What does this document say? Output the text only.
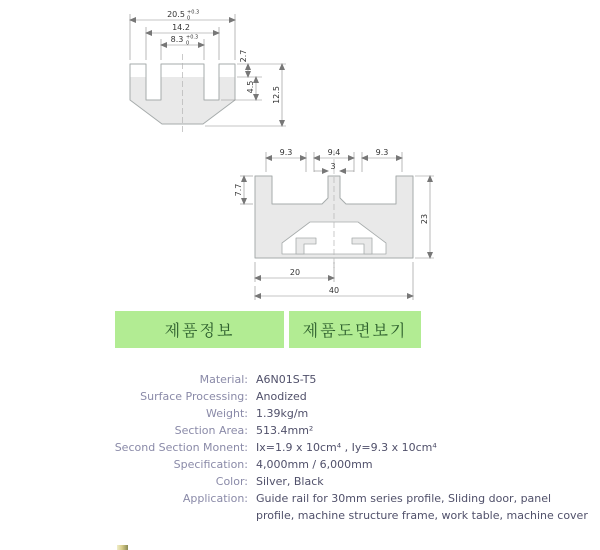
20.5 +0.3
0
14.2
8.3 +0.3
0
2.7
4.5 12.5
9.3	9.4	9.3
3
7.7
23
20
40
제품정보	제품도면보기
Material: A6N01S-T5
Surface Processing: Anodized
Weight: 1.39kg/m
Section Area: 513.4mm²
Second Section Monent: Ix=1.9 x 10cm⁴ , Iy=9.3 x 10cm⁴
Specification: 4,000mm / 6,000mm
Color: Silver, Black
Application: Guide rail for 30mm series profile, Sliding door, panel profile, machine structure frame, work table, machine cover
